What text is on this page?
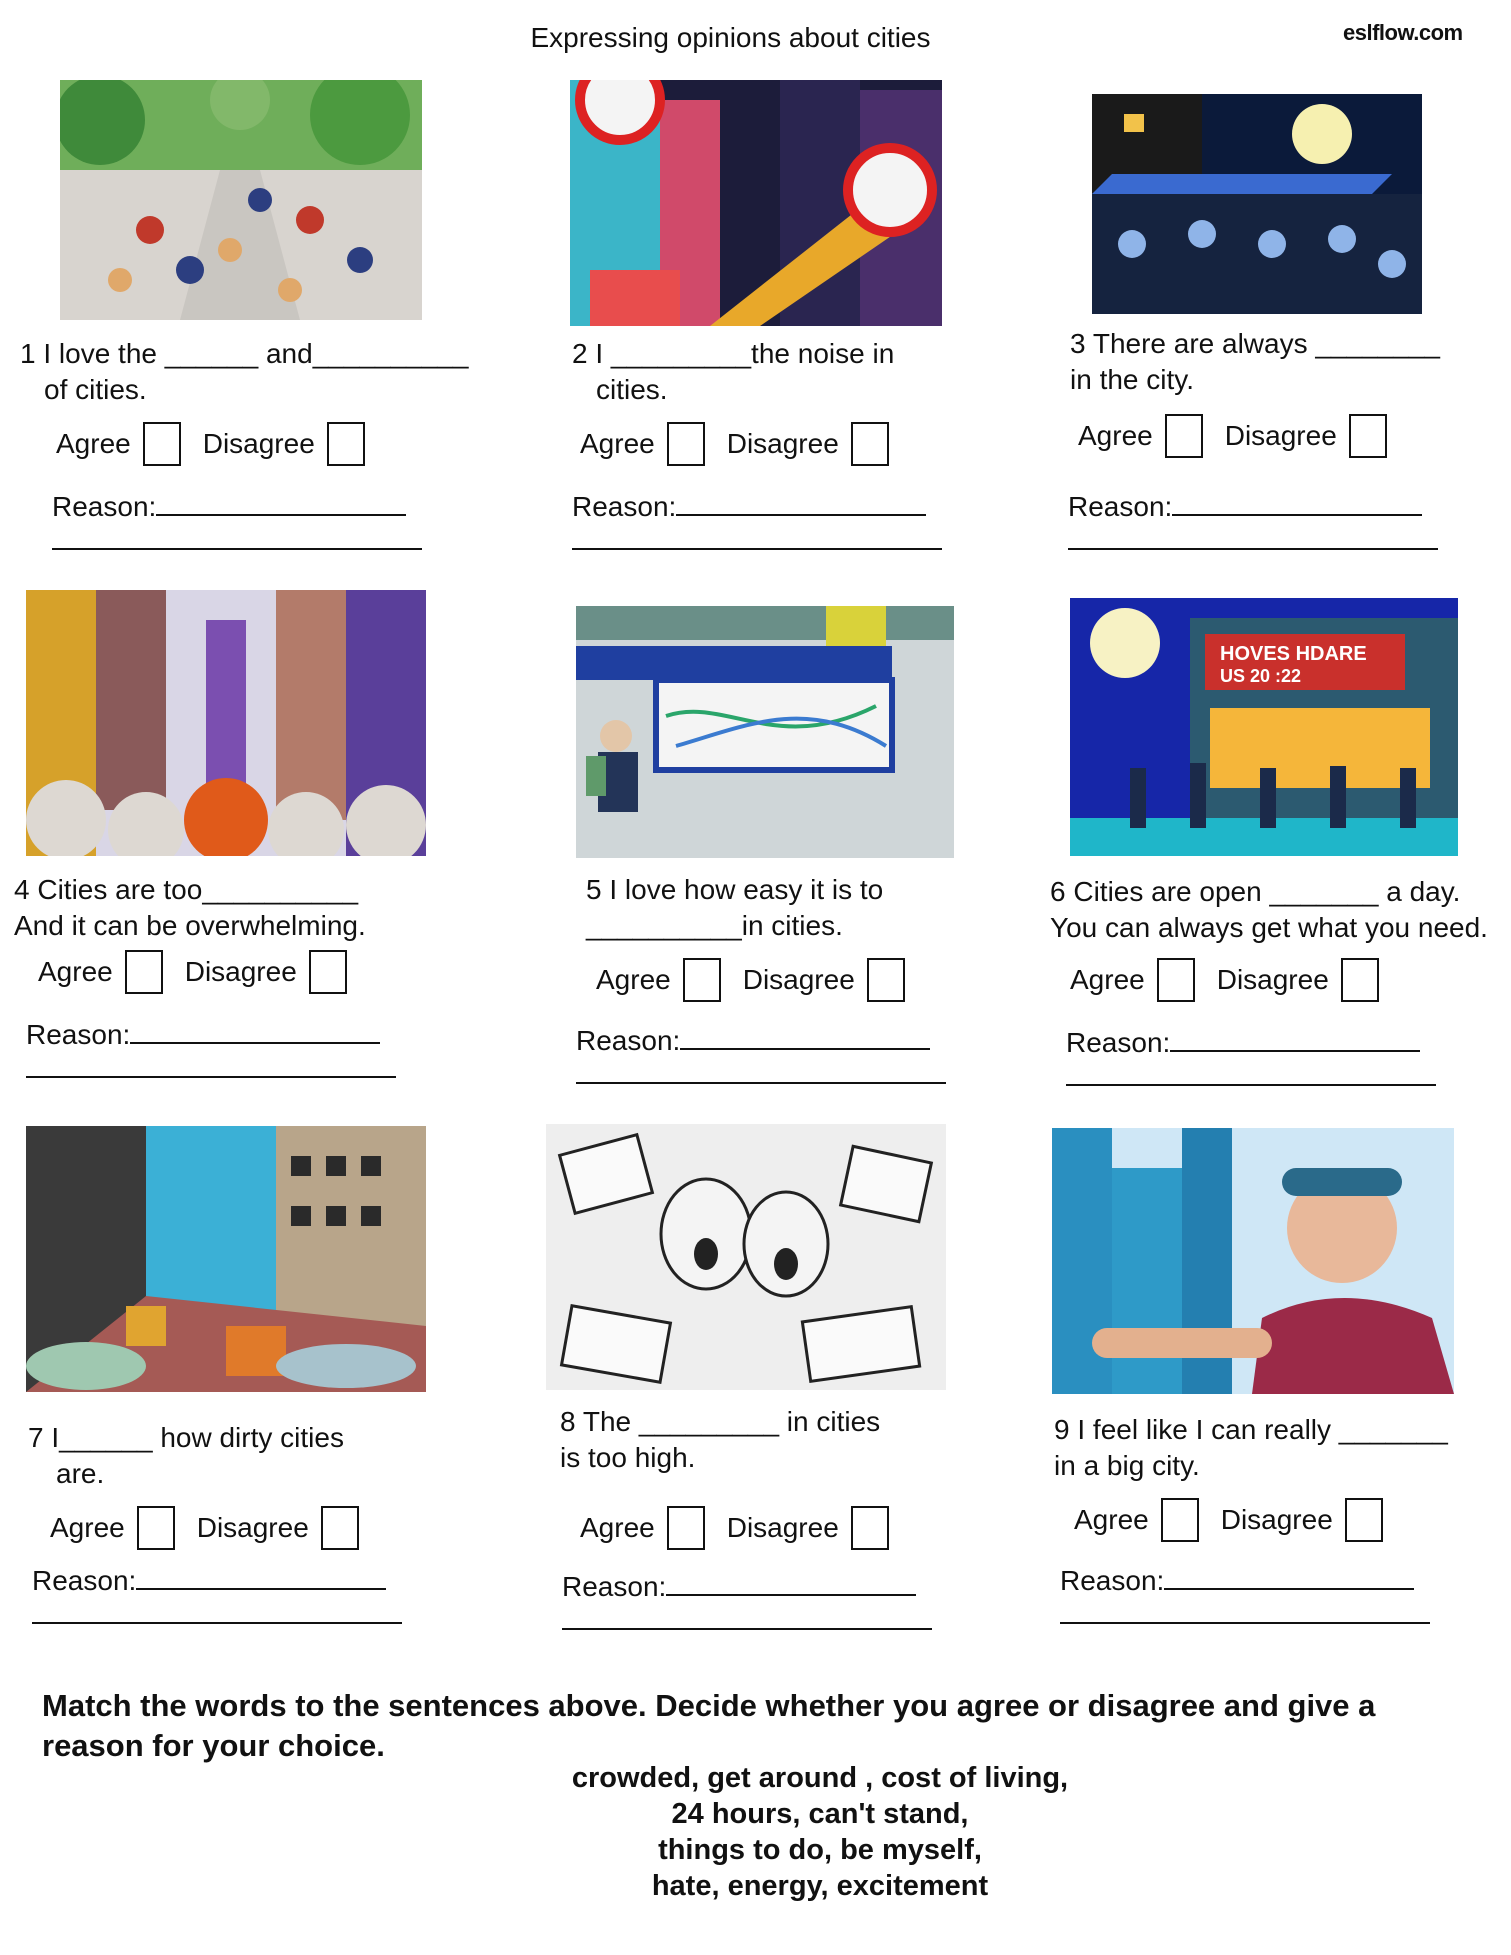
Expressing opinions about cities	eslflow.com
HOVES HDARE
US 20 :22
1 I love the ______ and__________
of cities.
2 I _________the noise in
cities.
3 There are always ________
in the city.
4 Cities are too__________
And it can be overwhelming.
5 I love how easy it is to
__________in cities.
6 Cities are open _______ a day.
You can always get what you need.
7 I______ how dirty cities
are.
8 The _________ in cities
is too high.
9 I feel like I can really _______
in a big city.
Agree	Disagree	Agree	Disagree	Agree	Disagree
Agree	Disagree	Agree	Disagree	Agree	Disagree
Agree	Disagree	Agree	Disagree	Agree	Disagree
Reason:	Reason:	Reason:
Reason:	Reason:	Reason:
Reason:	Reason:	Reason:
Match the words to the sentences above. Decide whether you agree or disagree and give a reason for your choice.
crowded, get around , cost of living,
24 hours, can't stand,
things to do, be myself,
hate, energy, excitement
